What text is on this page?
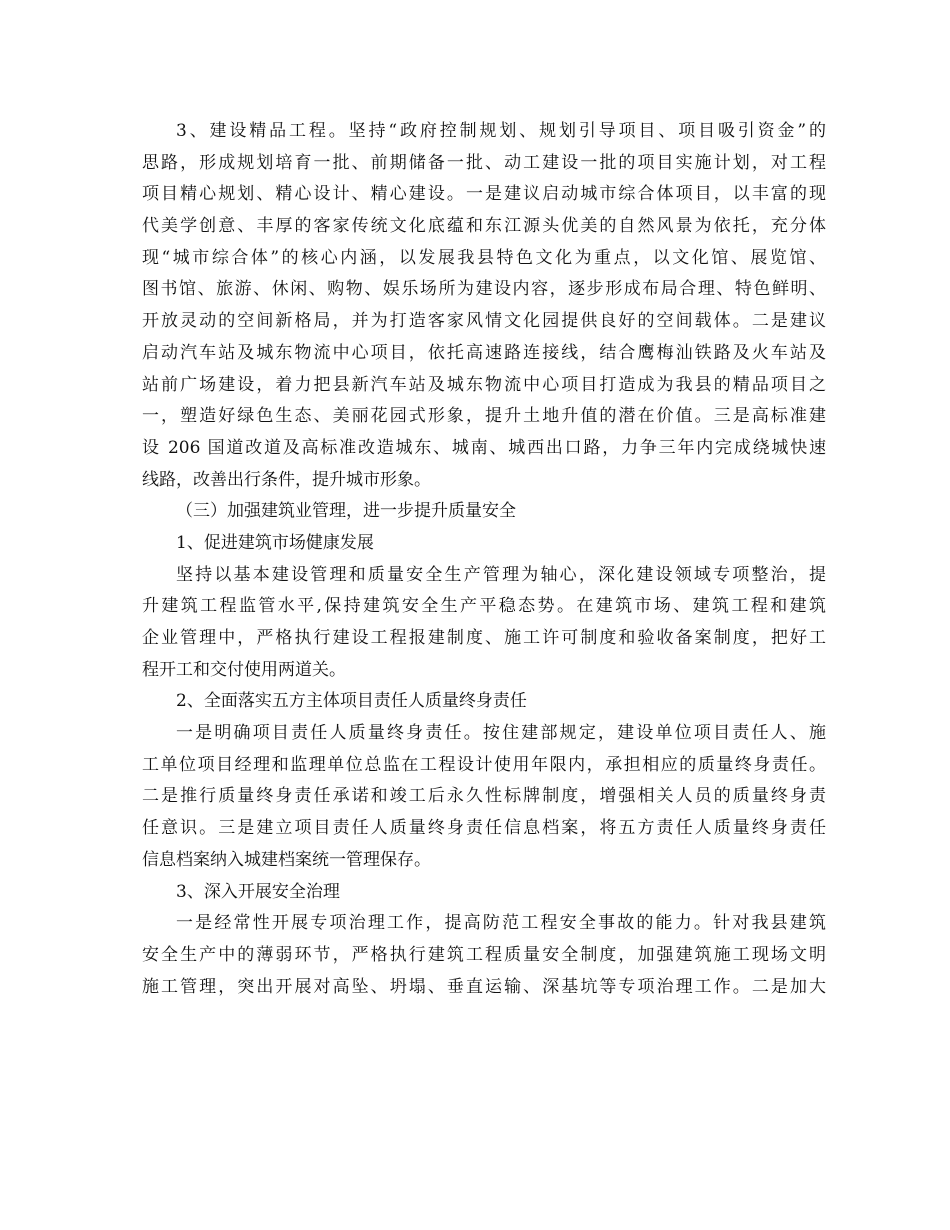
3、建设精品工程。坚持“政府控制规划、规划引导项目、项目吸引资金”的
思路，形成规划培育一批、前期储备一批、动工建设一批的项目实施计划，对工程
项目精心规划、精心设计、精心建设。一是建议启动城市综合体项目，以丰富的现
代美学创意、丰厚的客家传统文化底蕴和东江源头优美的自然风景为依托，充分体
现“城市综合体”的核心内涵，以发展我县特色文化为重点，以文化馆、展览馆、
图书馆、旅游、休闲、购物、娱乐场所为建设内容，逐步形成布局合理、特色鲜明、
开放灵动的空间新格局，并为打造客家风情文化园提供良好的空间载体。二是建议
启动汽车站及城东物流中心项目，依托高速路连接线，结合鹰梅汕铁路及火车站及
站前广场建设，着力把县新汽车站及城东物流中心项目打造成为我县的精品项目之
一，塑造好绿色生态、美丽花园式形象，提升土地升值的潜在价值。三是高标准建
设 206 国道改道及高标准改造城东、城南、城西出口路，力争三年内完成绕城快速
线路，改善出行条件，提升城市形象。
（三）加强建筑业管理，进一步提升质量安全
1、促进建筑市场健康发展
坚持以基本建设管理和质量安全生产管理为轴心，深化建设领域专项整治，提
升建筑工程监管水平,保持建筑安全生产平稳态势。在建筑市场、建筑工程和建筑
企业管理中，严格执行建设工程报建制度、施工许可制度和验收备案制度，把好工
程开工和交付使用两道关。
2、全面落实五方主体项目责任人质量终身责任
一是明确项目责任人质量终身责任。按住建部规定，建设单位项目责任人、施
工单位项目经理和监理单位总监在工程设计使用年限内，承担相应的质量终身责任。
二是推行质量终身责任承诺和竣工后永久性标牌制度，增强相关人员的质量终身责
任意识。三是建立项目责任人质量终身责任信息档案，将五方责任人质量终身责任
信息档案纳入城建档案统一管理保存。
3、深入开展安全治理
一是经常性开展专项治理工作，提高防范工程安全事故的能力。针对我县建筑
安全生产中的薄弱环节，严格执行建筑工程质量安全制度，加强建筑施工现场文明
施工管理，突出开展对高坠、坍塌、垂直运输、深基坑等专项治理工作。二是加大
